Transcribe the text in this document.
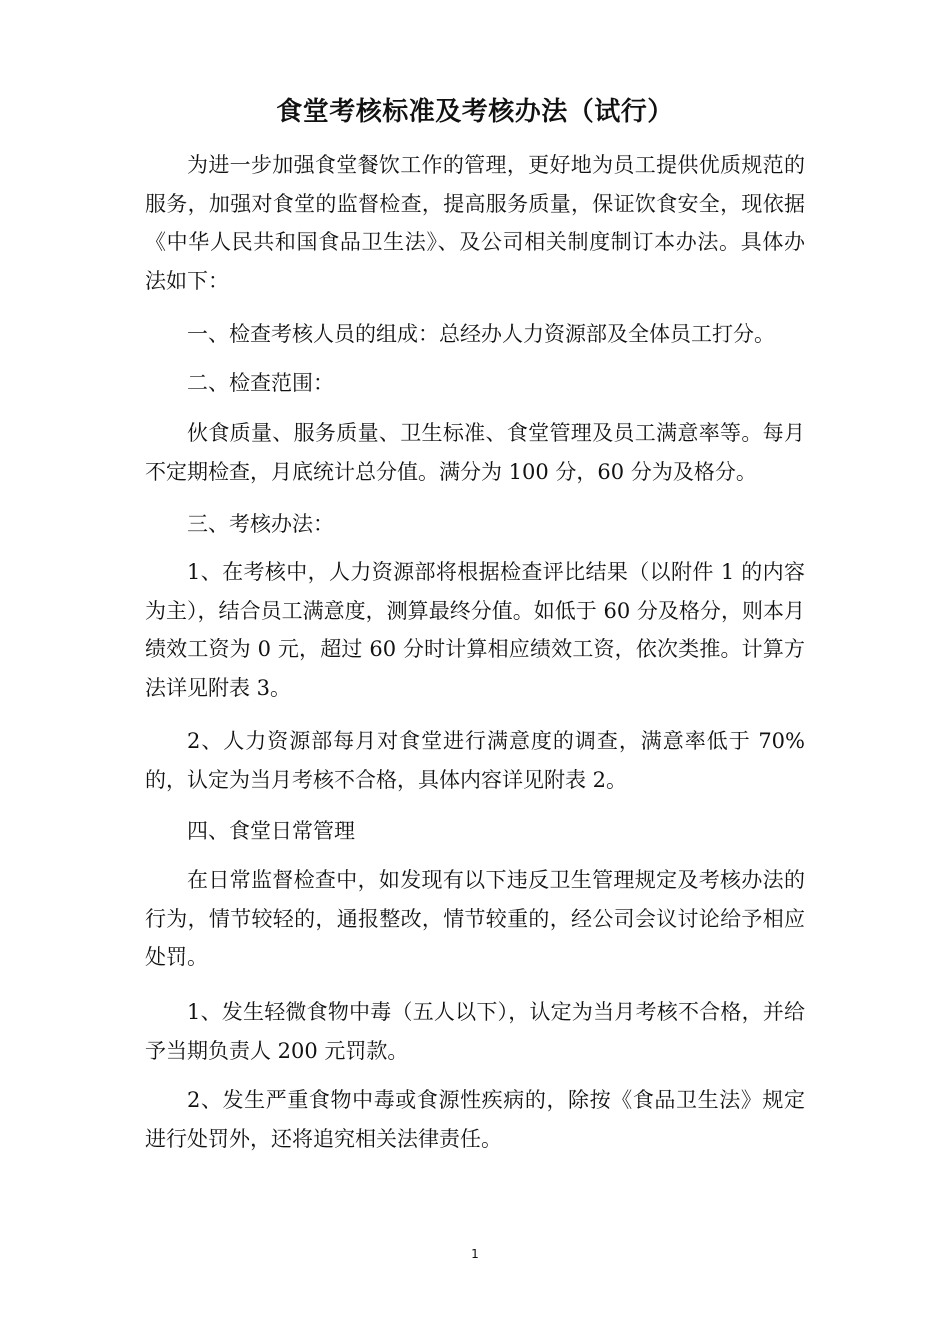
食堂考核标准及考核办法（试行）

为进一步加强食堂餐饮工作的管理，更好地为员工提供优质规范的服务，加强对食堂的监督检查，提高服务质量，保证饮食安全，现依据《中华人民共和国食品卫生法》、及公司相关制度制订本办法。具体办法如下：

一、检查考核人员的组成：总经办人力资源部及全体员工打分。

二、检查范围：

伙食质量、服务质量、卫生标准、食堂管理及员工满意率等。每月不定期检查，月底统计总分值。满分为 100 分，60 分为及格分。

三、考核办法：

1、在考核中，人力资源部将根据检查评比结果（以附件 1 的内容为主），结合员工满意度，测算最终分值。如低于 60 分及格分，则本月绩效工资为 0 元，超过 60 分时计算相应绩效工资，依次类推。计算方法详见附表 3。

2、人力资源部每月对食堂进行满意度的调查，满意率低于 70%的，认定为当月考核不合格，具体内容详见附表 2。

四、食堂日常管理

在日常监督检查中，如发现有以下违反卫生管理规定及考核办法的行为，情节较轻的，通报整改，情节较重的，经公司会议讨论给予相应处罚。

1、发生轻微食物中毒（五人以下），认定为当月考核不合格，并给予当期负责人 200 元罚款。

2、发生严重食物中毒或食源性疾病的，除按《食品卫生法》规定进行处罚外，还将追究相关法律责任。

1
